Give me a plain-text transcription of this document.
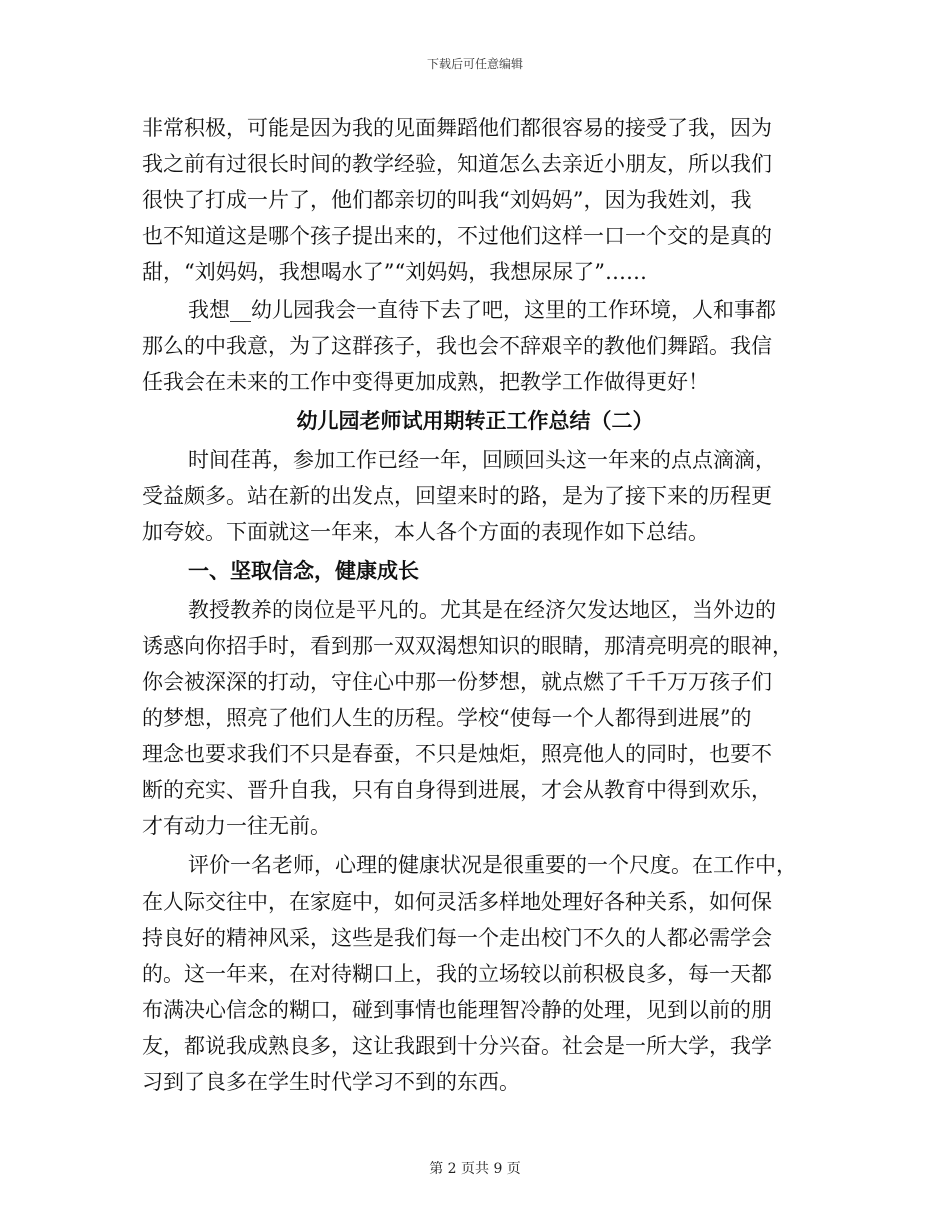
下载后可任意编辑
非常积极，可能是因为我的见面舞蹈他们都很容易的接受了我，因为
我之前有过很长时间的教学经验，知道怎么去亲近小朋友，所以我们
很快了打成一片了，他们都亲切的叫我“刘妈妈”，因为我姓刘，我
也不知道这是哪个孩子提出来的，不过他们这样一口一个交的是真的
甜，“刘妈妈，我想喝水了”“刘妈妈，我想尿尿了”……
我想__幼儿园我会一直待下去了吧，这里的工作环境，人和事都
那么的中我意，为了这群孩子，我也会不辞艰辛的教他们舞蹈。我信
任我会在未来的工作中变得更加成熟，把教学工作做得更好！
幼儿园老师试用期转正工作总结（二）
时间荏苒，参加工作已经一年，回顾回头这一年来的点点滴滴，
受益颇多。站在新的出发点，回望来时的路，是为了接下来的历程更
加夸姣。下面就这一年来，本人各个方面的表现作如下总结。
一、坚取信念，健康成长
教授教养的岗位是平凡的。尤其是在经济欠发达地区，当外边的
诱惑向你招手时，看到那一双双渴想知识的眼睛，那清亮明亮的眼神，
你会被深深的打动，守住心中那一份梦想，就点燃了千千万万孩子们
的梦想，照亮了他们人生的历程。学校“使每一个人都得到进展”的
理念也要求我们不只是春蚕，不只是烛炬，照亮他人的同时，也要不
断的充实、晋升自我，只有自身得到进展，才会从教育中得到欢乐，
才有动力一往无前。
评价一名老师，心理的健康状况是很重要的一个尺度。在工作中，
在人际交往中，在家庭中，如何灵活多样地处理好各种关系，如何保
持良好的精神风采，这些是我们每一个走出校门不久的人都必需学会
的。这一年来，在对待糊口上，我的立场较以前积极良多，每一天都
布满决心信念的糊口，碰到事情也能理智冷静的处理，见到以前的朋
友，都说我成熟良多，这让我跟到十分兴奋。社会是一所大学，我学
习到了良多在学生时代学习不到的东西。
第 2 页共 9 页
